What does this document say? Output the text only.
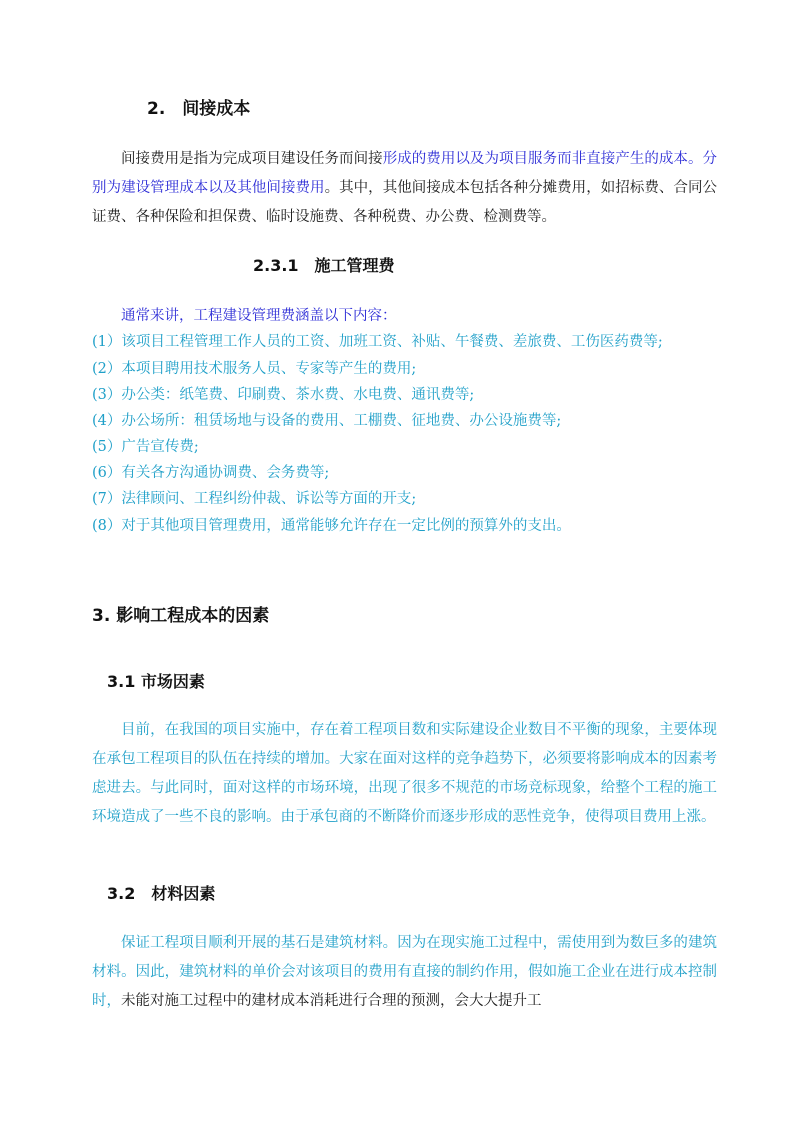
2.　间接成本

间接费用是指为完成项目建设任务而间接形成的费用以及为项目服务而非直接产生的成本。分别为建设管理成本以及其他间接费用。其中，其他间接成本包括各种分摊费用，如招标费、合同公证费、各种保险和担保费、临时设施费、各种税费、办公费、检测费等。

2.3.1　施工管理费
通常来讲，工程建设管理费涵盖以下内容：
(1）该项目工程管理工作人员的工资、加班工资、补贴、午餐费、差旅费、工伤医药费等;
(2）本项目聘用技术服务人员、专家等产生的费用;
(3）办公类：纸笔费、印刷费、茶水费、水电费、通讯费等;
(4）办公场所：租赁场地与设备的费用、工棚费、征地费、办公设施费等;
(5）广告宣传费;
(6）有关各方沟通协调费、会务费等;
(7）法律顾问、工程纠纷仲裁、诉讼等方面的开支;
(8）对于其他项目管理费用，通常能够允许存在一定比例的预算外的支出。
3. 影响工程成本的因素
3.1 市场因素

目前，在我国的项目实施中，存在着工程项目数和实际建设企业数目不平衡的现象，主要体现在承包工程项目的队伍在持续的增加。大家在面对这样的竞争趋势下，必须要将影响成本的因素考虑进去。与此同时，面对这样的市场环境，出现了很多不规范的市场竞标现象，给整个工程的施工环境造成了一些不良的影响。由于承包商的不断降价而逐步形成的恶性竞争，使得项目费用上涨。

3.2　材料因素

保证工程项目顺利开展的基石是建筑材料。因为在现实施工过程中，需使用到为数巨多的建筑材料。因此，建筑材料的单价会对该项目的费用有直接的制约作用，假如施工企业在进行成本控制时，未能对施工过程中的建材成本消耗进行合理的预测，会大大提升工
